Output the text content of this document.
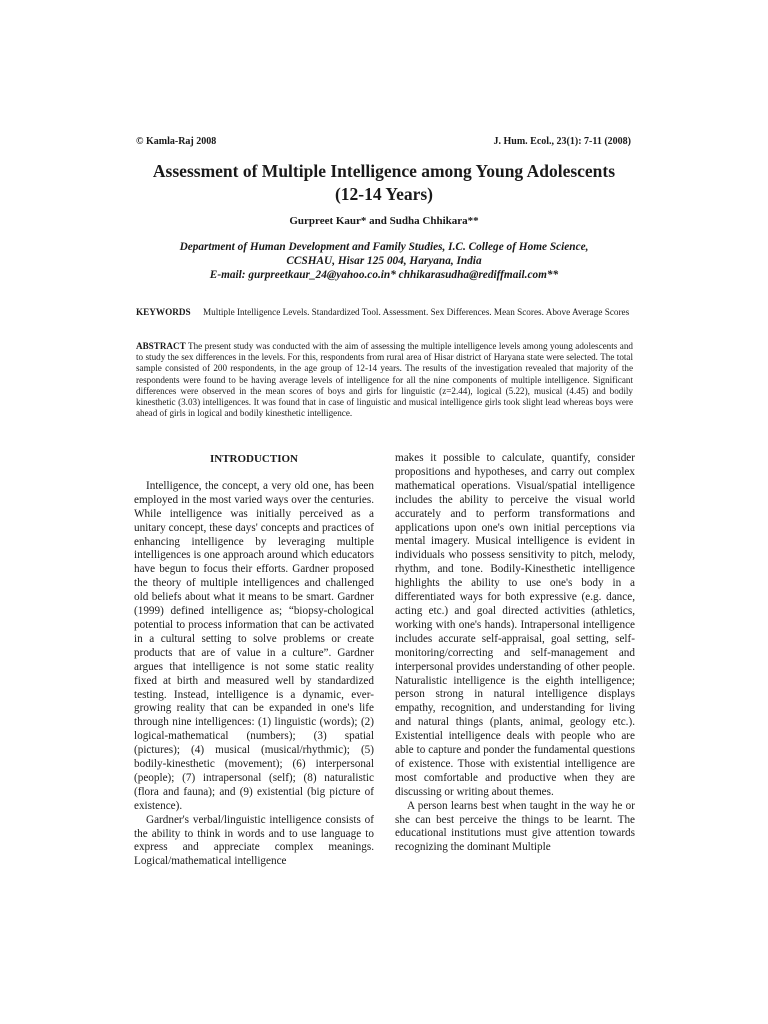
© Kamla-Raj 2008	J. Hum. Ecol., 23(1): 7-11 (2008)
Assessment of Multiple Intelligence among Young Adolescents
(12-14 Years)
Gurpreet Kaur* and Sudha Chhikara**
Department of Human Development and Family Studies, I.C. College of Home Science,
CCSHAU, Hisar 125 004, Haryana, India
E-mail: gurpreetkaur_24@yahoo.co.in* chhikarasudha@rediffmail.com**
KEYWORDS	Multiple Intelligence Levels. Standardized Tool. Assessment. Sex Differences. Mean Scores. Above Average Scores
ABSTRACT The present study was conducted with the aim of assessing the multiple intelligence levels among young adolescents and to study the sex differences in the levels. For this, respondents from rural area of Hisar district of Haryana state were selected. The total sample consisted of 200 respondents, in the age group of 12-14 years. The results of the investigation revealed that majority of the respondents were found to be having average levels of intelligence for all the nine components of multiple intelligence. Significant differences were observed in the mean scores of boys and girls for linguistic (z=2.44), logical (5.22), musical (4.45) and bodily kinesthetic (3.03) intelligences. It was found that in case of linguistic and musical intelligence girls took slight lead whereas boys were ahead of girls in logical and bodily kinesthetic intelligence.
INTRODUCTION

Intelligence, the concept, a very old one, has been employed in the most varied ways over the centuries. While intelligence was initially perceived as a unitary concept, these days' concepts and practices of enhancing intelligence by leveraging multiple intelligences is one approach around which educators have begun to focus their efforts. Gardner proposed the theory of multiple intelligences and challenged old beliefs about what it means to be smart. Gardner (1999) defined intelligence as; “biopsy-chological potential to process information that can be activated in a cultural setting to solve problems or create products that are of value in a culture”. Gardner argues that intelligence is not some static reality fixed at birth and measured well by standardized testing. Instead, intelligence is a dynamic, ever-growing reality that can be expanded in one's life through nine intelligences: (1) linguistic (words); (2) logical-mathematical (numbers); (3) spatial (pictures); (4) musical (musical/rhythmic); (5) bodily-kinesthetic (movement); (6) interpersonal (people); (7) intrapersonal (self); (8) naturalistic (flora and fauna); and (9) existential (big picture of existence).

Gardner's verbal/linguistic intelligence consists of the ability to think in words and to use language to express and appreciate complex meanings. Logical/mathematical intelligence

makes it possible to calculate, quantify, consider propositions and hypotheses, and carry out complex mathematical operations. Visual/spatial intelligence includes the ability to perceive the visual world accurately and to perform transformations and applications upon one's own initial perceptions via mental imagery. Musical intelligence is evident in individuals who possess sensitivity to pitch, melody, rhythm, and tone. Bodily-Kinesthetic intelligence highlights the ability to use one's body in a differentiated ways for both expressive (e.g. dance, acting etc.) and goal directed activities (athletics, working with one's hands). Intrapersonal intelligence includes accurate self-appraisal, goal setting, self-monitoring/correcting and self-management and interpersonal provides understanding of other people. Naturalistic intelligence is the eighth intelligence; person strong in natural intelligence displays empathy, recognition, and understanding for living and natural things (plants, animal, geology etc.). Existential intelligence deals with people who are able to capture and ponder the fundamental questions of existence. Those with existential intelligence are most comfortable and productive when they are discussing or writing about themes.

A person learns best when taught in the way he or she can best perceive the things to be learnt. The educational institutions must give attention towards recognizing the dominant Multiple
